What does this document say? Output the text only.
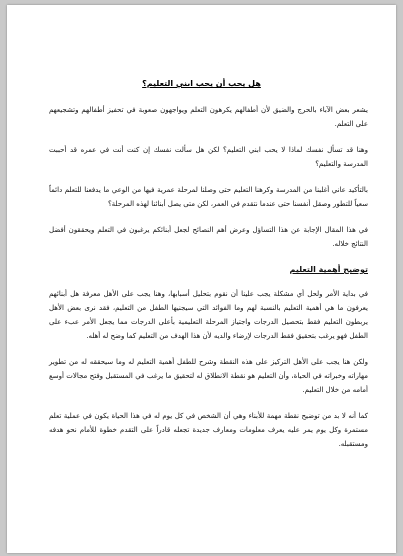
هل يجب أن يحب ابني التعليم؟

يشعر بعض الآباء بالحرج والضيق لأن أطفالهم يكرهون التعلم ويواجهون صعوبة في تحفيز أطفالهم وتشجيعهم على التعلم.

وهنا قد تسأل نفسك لماذا لا يحب ابني التعليم؟ لكن هل سألت نفسك إن كنت أنت في عمره قد أحببت المدرسة والتعليم؟

بالتأكيد عاني أغلبنا من المدرسة وكرهنا التعليم حتى وصلنا لمرحلة عمرية فيها من الوعي ما يدفعنا للتعلم دائماً سعياً للتطور وصقل أنفسنا حتى عندما نتقدم في العمر، لكن متى يصل أبنائنا لهذه المرحلة؟

في هذا المقال الإجابة عن هذا التساؤل وعرض أهم النصائح لجعل أبنائكم يرغبون في التعلم ويحققون أفضل النتائج خلاله.

توضيح أهمية التعليم

في بداية الأمر ولحل أي مشكلة يجب علينا أن نقوم بتحليل أسبابها، وهنا يجب على الأهل معرفة هل أبنائهم يعرفون ما هي أهمية التعليم بالنسبة لهم وما الفوائد التي سيجنيها الطفل من التعليم، فقد نرى بعض الأهل يربطون التعليم فقط بتحصيل الدرجات واجتياز المرحلة التعليمية بأعلى الدرجات مما يجعل الأمر عبء على الطفل فهو يرغب بتحقيق فقط الدرجات لإرضاء والديه لأن هذا الهدف من التعليم كما وضح له أهله.

ولكن هنا يجب على الأهل التركيز على هذه النقطة وشرح للطفل أهمية التعليم له وما سيحققه له من تطوير مهاراته وخبراته في الحياة، وأن التعليم هو نقطة الانطلاق له لتحقيق ما يرغب في المستقبل وفتح مجالات أوسع أمامه من خلال التعليم.

كما أنه لا بد من توضيح نقطة مهمة للأبناء وهي أن الشخص في كل يوم له في هذا الحياة يكون في عملية تعلم مستمرة وكل يوم يمر عليه يعرف معلومات ومعارف جديدة تجعله قادراً على التقدم خطوة للأمام نحو هدفه ومستقبله.
